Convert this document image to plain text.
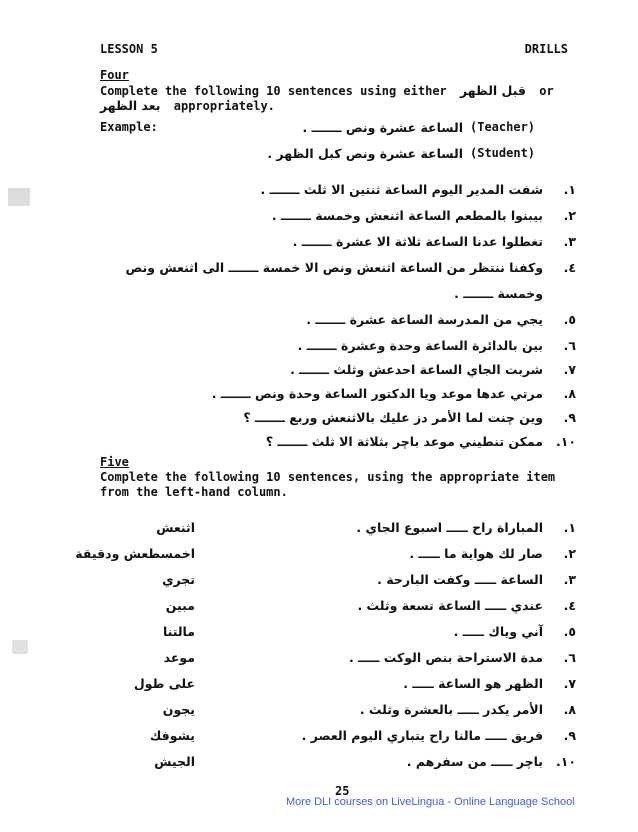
LESSON 5	DRILLS
Four
Complete the following 10 sentences using either قبل الظهر or
بعد الظهر appropriately.
Example:	الساعة عشرة ونص ـــــــ . (Teacher)
الساعة عشرة ونص كبل الظهر . (Student)
شفت المدير اليوم الساعة ثنتين الا ثلث ـــــــ . ١.
بيبنوا بالمطعم الساعة اثنعش وخمسة ـــــــ . ٢.
تغطلوا عدنا الساعة ثلاثة الا عشرة ـــــــ . ٣.
وكفنا ننتظر من الساعة اثنعش ونص الا خمسة ـــــــ الى اثنعش ونص ٤.
وخمسة ـــــــ .
يجي من المدرسة الساعة عشرة ـــــــ . ٥.
بين بالدائرة الساعة وحدة وعشرة ـــــــ . ٦.
شربت الجاي الساعة احدعش وثلث ـــــــ . ٧.
مرتي عدها موعد ويا الدكتور الساعة وحدة ونص ـــــــ . ٨.
وين چنت لما الأمر دز عليك بالاثنعش وربع ـــــــ ؟ ٩.
ممكن تنطيني موعد باچر بثلاثة الا ثلث ـــــــ ؟ ١٠.
Five
Complete the following 10 sentences, using the appropriate item
from the left-hand column.
المباراة راح ـــــ اسبوع الجاي . ١.
اثنعش
صار لك هواية ما ـــــ . ٢.
اخمسطعش ودقيقة
الساعة ـــــ وكفت البارحة . ٣.
تجري
عندي ـــــ الساعة تسعة وثلث . ٤.
مبين
آني وياك ـــــ . ٥.
مالتنا
مدة الاستراحة بنص الوكت ـــــ . ٦.
موعد
الظهر هو الساعة ـــــ . ٧.
على طول
الأمر يكدر ـــــ بالعشرة وثلث . ٨.
يجون
فريق ـــــ مالنا راح يتباري اليوم العصر . ٩.
يشوفك
باچر ـــــ من سفرهم . ١٠.
الجيش
25
More DLI courses on LiveLingua - Online Language School
